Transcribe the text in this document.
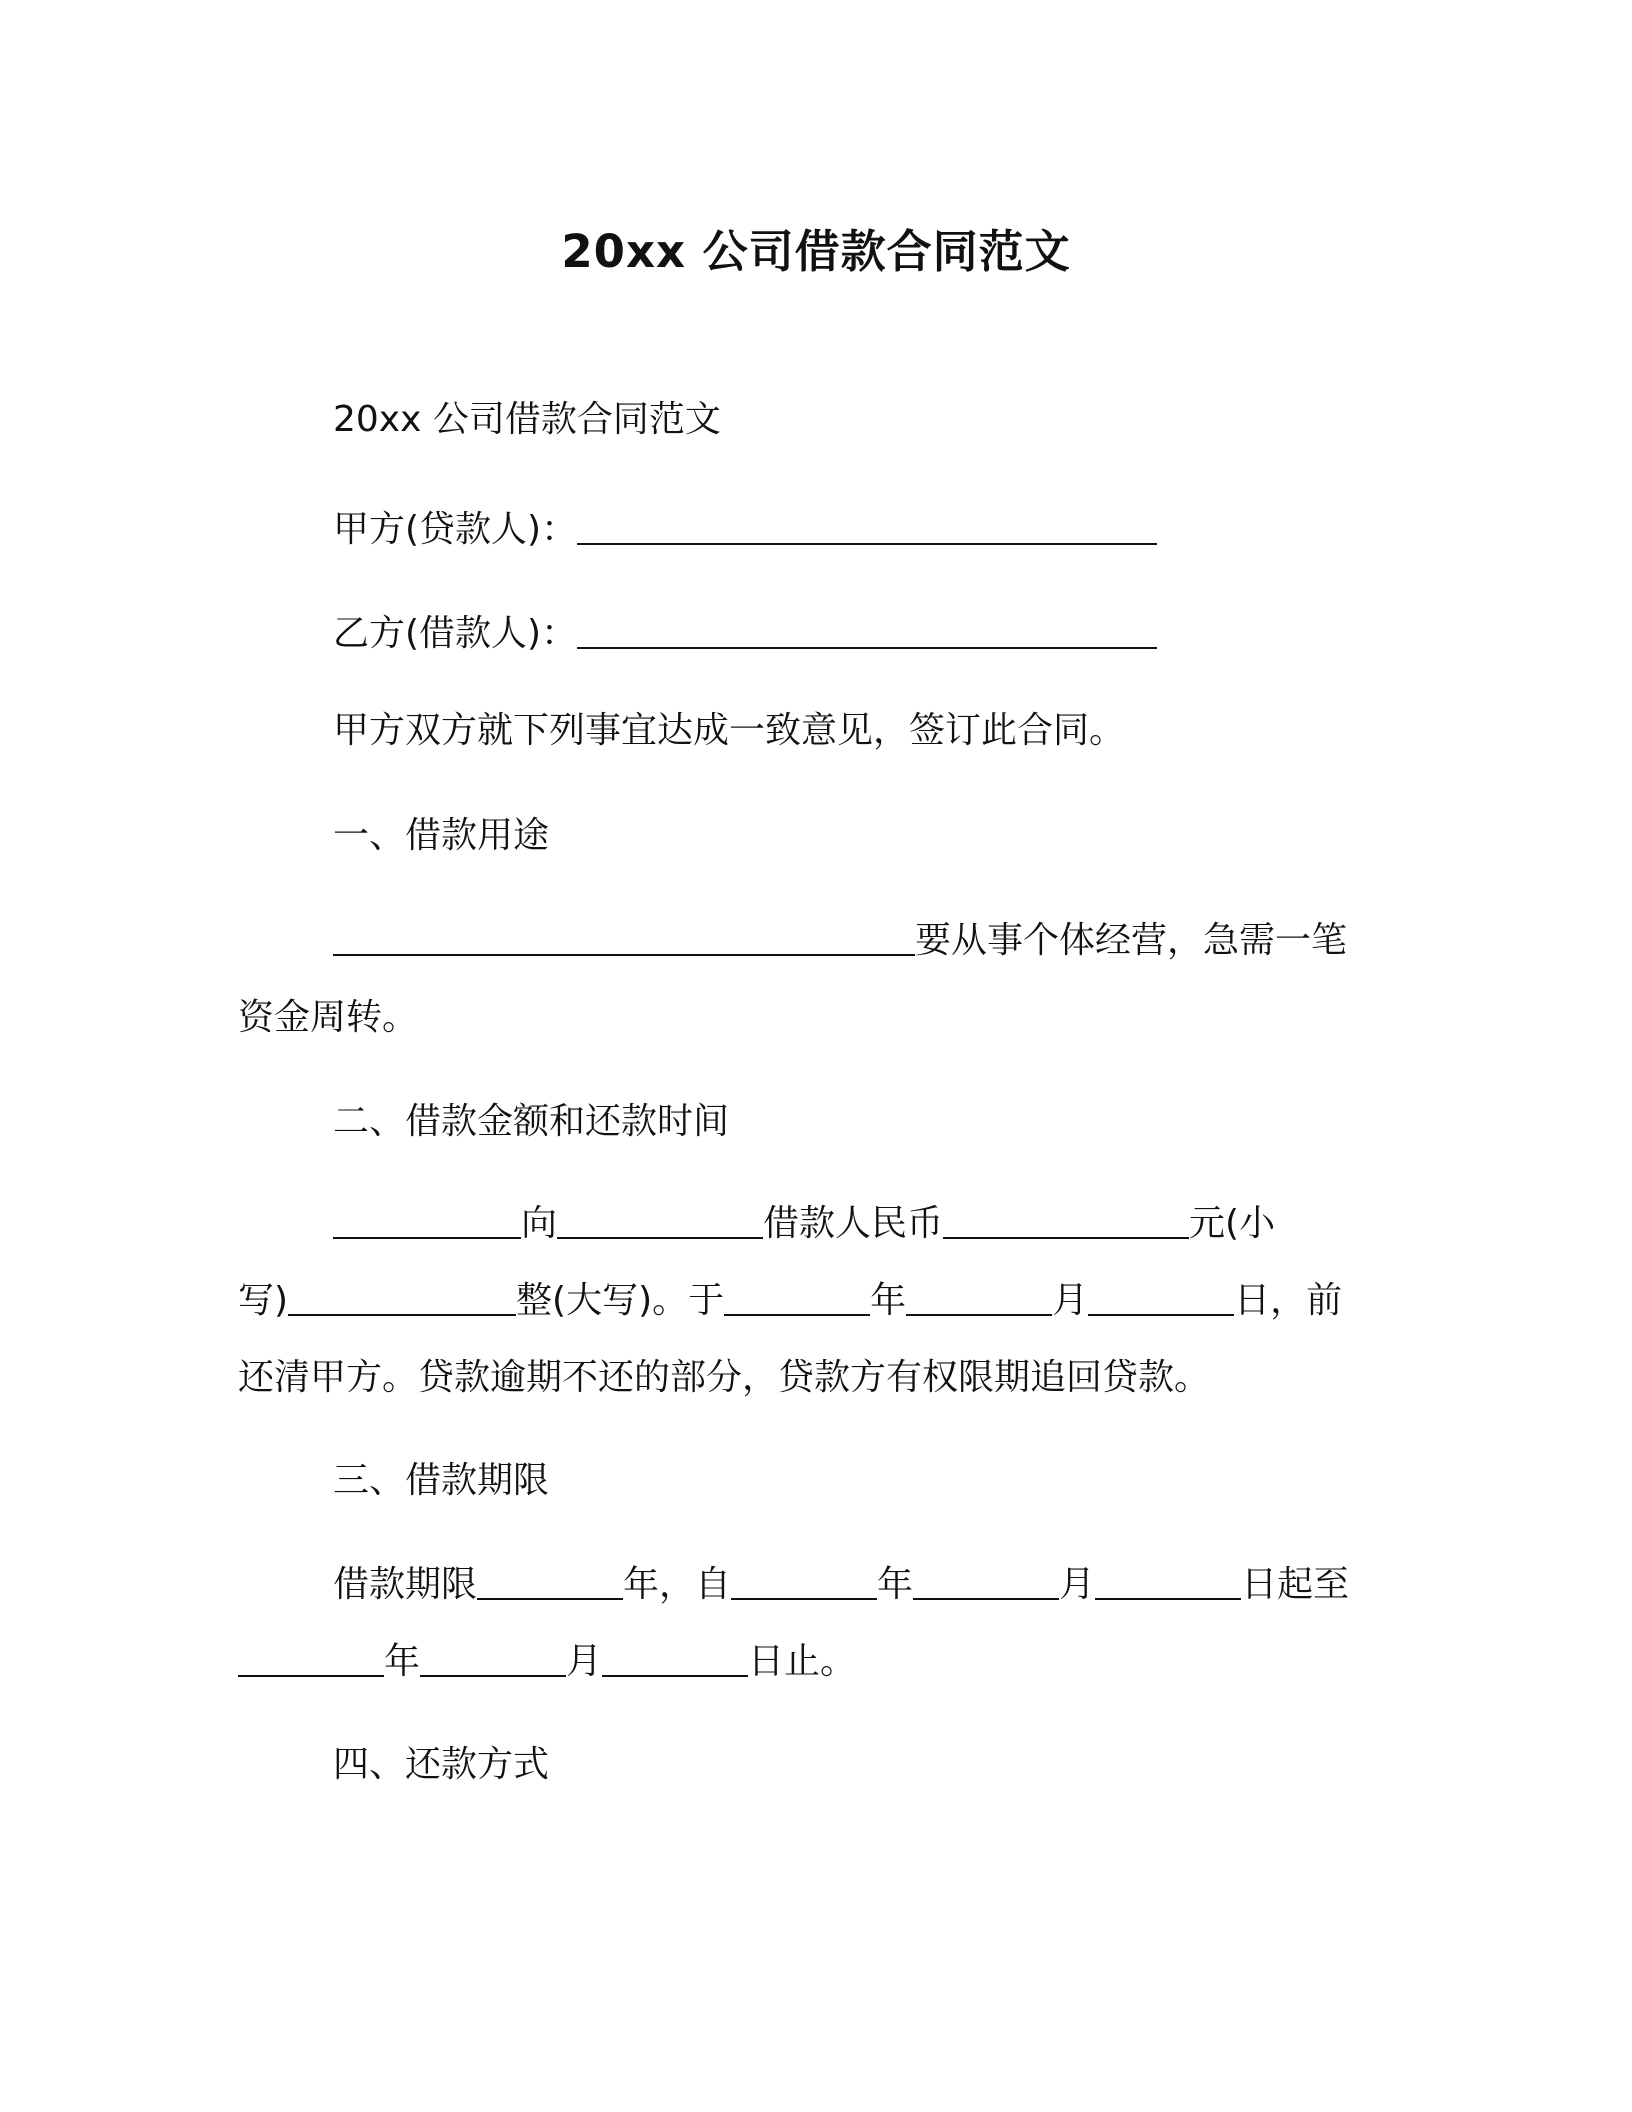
20xx 公司借款合同范文
20xx 公司借款合同范文
甲方(贷款人)：
乙方(借款人)：
甲方双方就下列事宜达成一致意见，签订此合同。
一、借款用途
要从事个体经营，急需一笔
资金周转。
二、借款金额和还款时间
向	借款人民币	元(小
写)	整(大写)。于	年	月	日，前
还清甲方。贷款逾期不还的部分，贷款方有权限期追回贷款。
三、借款期限
借款期限	年，自	年	月	日起至
年	月	日止。
四、还款方式
